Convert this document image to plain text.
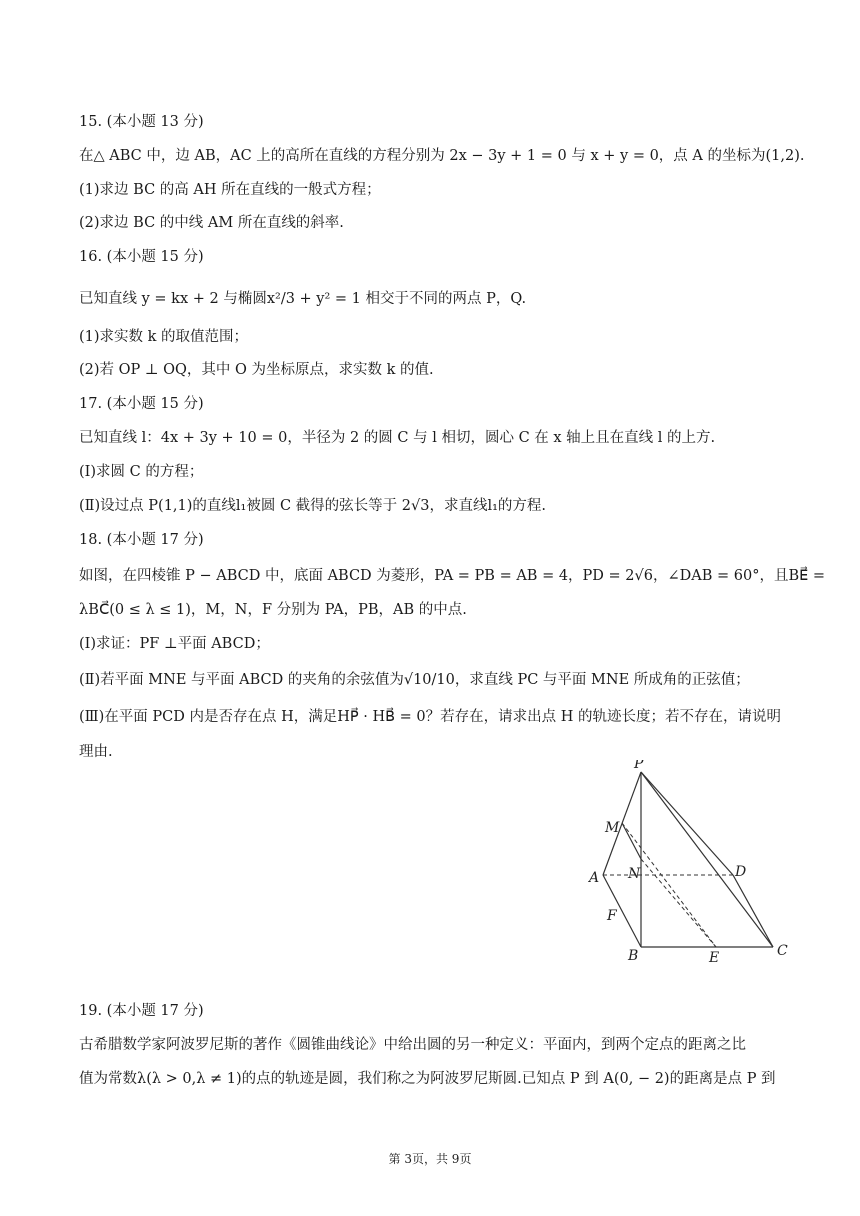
15. (本小题 13 分)
在△ ABC 中，边 AB，AC 上的高所在直线的方程分别为 2x − 3y + 1 = 0 与 x + y = 0，点 A 的坐标为(1,2).
(1)求边 BC 的高 AH 所在直线的一般式方程；
(2)求边 BC 的中线 AM 所在直线的斜率.
16. (本小题 15 分)
已知直线 y = kx + 2 与椭圆x²/3 + y² = 1 相交于不同的两点 P，Q.
(1)求实数 k 的取值范围；
(2)若 OP ⊥ OQ，其中 O 为坐标原点，求实数 k 的值.
17. (本小题 15 分)
已知直线 l：4x + 3y + 10 = 0，半径为 2 的圆 C 与 l 相切，圆心 C 在 x 轴上且在直线 l 的上方.
(Ⅰ)求圆 C 的方程；
(Ⅱ)设过点 P(1,1)的直线l₁被圆 C 截得的弦长等于 2√3，求直线l₁的方程.
18. (本小题 17 分)
如图，在四棱锥 P − ABCD 中，底面 ABCD 为菱形，PA = PB = AB = 4，PD = 2√6，∠DAB = 60°，且BE⃗ =
λBC⃗(0 ≤ λ ≤ 1)，M，N，F 分别为 PA，PB，AB 的中点.
(Ⅰ)求证：PF ⊥平面 ABCD；
(Ⅱ)若平面 MNE 与平面 ABCD 的夹角的余弦值为√10/10，求直线 PC 与平面 MNE 所成角的正弦值；
(Ⅲ)在平面 PCD 内是否存在点 H，满足HP⃗ · HB⃗ = 0？若存在，请求出点 H 的轨迹长度；若不存在，请说明
理由.
P
M
A N	D
F
B	E	C
19. (本小题 17 分)
古希腊数学家阿波罗尼斯的著作《圆锥曲线论》中给出圆的另一种定义：平面内，到两个定点的距离之比
值为常数λ(λ > 0,λ ≠ 1)的点的轨迹是圆，我们称之为阿波罗尼斯圆.已知点 P 到 A(0, − 2)的距离是点 P 到
第 3页，共 9页
